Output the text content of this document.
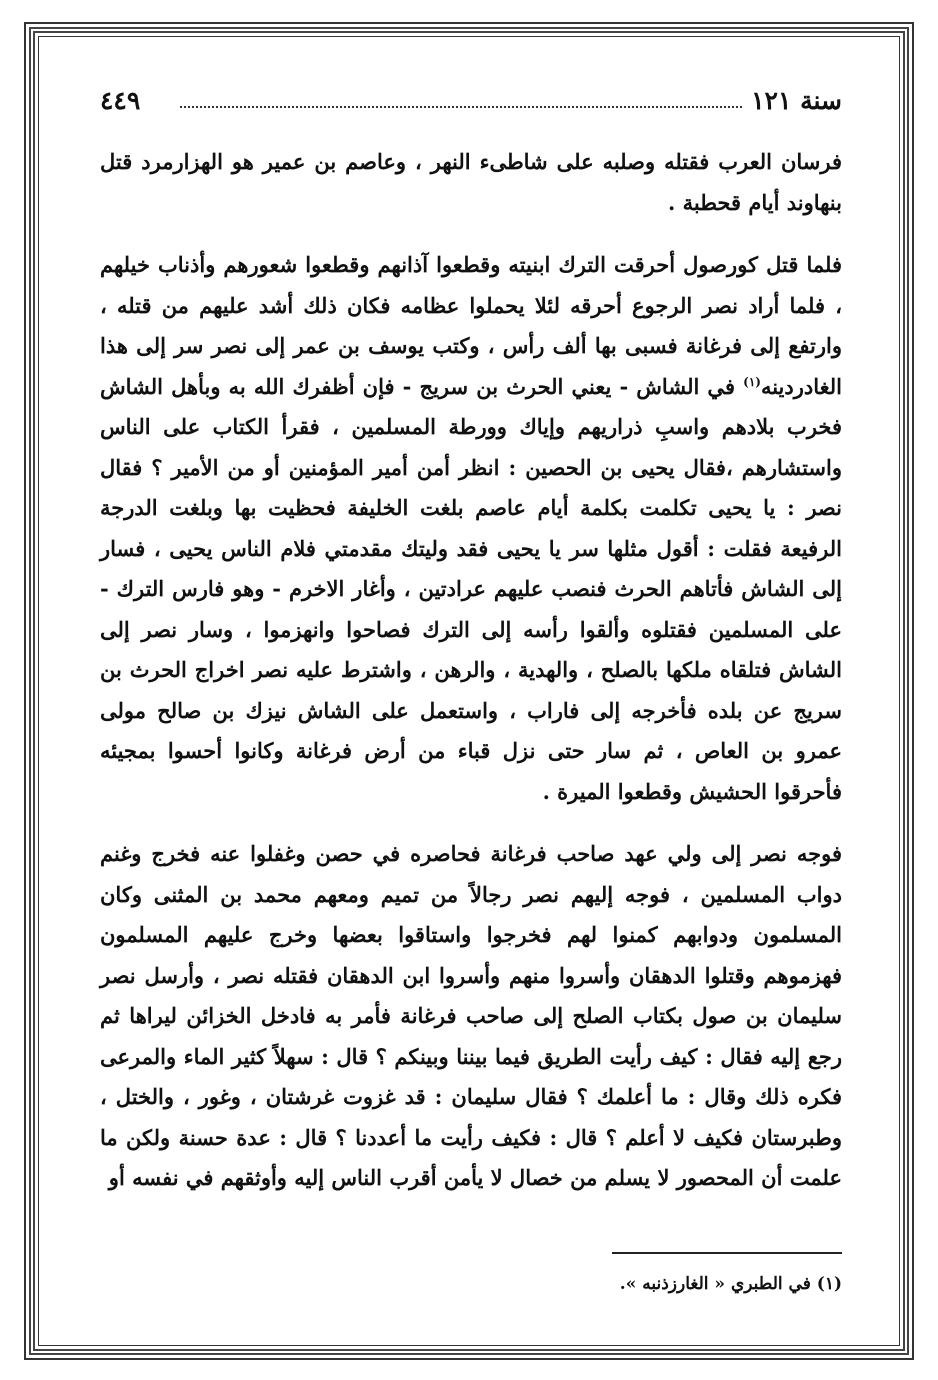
سنة ١٢١
٤٤٩

فرسان العرب فقتله وصلبه على شاطىء النهر ، وعاصم بن عمير هو الهزارمرد قتل بنهاوند أيام قحطبة .

فلما قتل كورصول أحرقت الترك ابنيته وقطعوا آذانهم وقطعوا شعورهم وأذناب خيلهم ، فلما أراد نصر الرجوع أحرقه لئلا يحملوا عظامه فكان ذلك أشد عليهم من قتله ، وارتفع إلى فرغانة فسبى بها ألف رأس ، وكتب يوسف بن عمر إلى نصر سر إلى هذا الغادردينه$^{(١)}$ في الشاش - يعني الحرث بن سريج - فإن أظفرك الله به وبأهل الشاش فخرب بلادهم واسبِ ذراريهم وإياك وورطة المسلمين ، فقرأ الكتاب على الناس واستشارهم ،فقال يحيى بن الحصين : انظر أمن أمير المؤمنين أو من الأمير ؟ فقال نصر : يا يحيى تكلمت بكلمة أيام عاصم بلغت الخليفة فحظيت بها وبلغت الدرجة الرفيعة فقلت : أقول مثلها سر يا يحيى فقد وليتك مقدمتي فلام الناس يحيى ، فسار إلى الشاش فأتاهم الحرث فنصب عليهم عرادتين ، وأغار الاخرم - وهو فارس الترك - على المسلمين فقتلوه وألقوا رأسه إلى الترك فصاحوا وانهزموا ، وسار نصر إلى الشاش فتلقاه ملكها بالصلح ، والهدية ، والرهن ، واشترط عليه نصر اخراج الحرث بن سريج عن بلده فأخرجه إلى فاراب ، واستعمل على الشاش نيزك بن صالح مولى عمرو بن العاص ، ثم سار حتى نزل قباء من أرض فرغانة وكانوا أحسوا بمجيئه فأحرقوا الحشيش وقطعوا الميرة .

فوجه نصر إلى ولي عهد صاحب فرغانة فحاصره في حصن وغفلوا عنه فخرج وغنم دواب المسلمين ، فوجه إليهم نصر رجالاً من تميم ومعهم محمد بن المثنى وكان المسلمون ودوابهم كمنوا لهم فخرجوا واستاقوا بعضها وخرج عليهم المسلمون فهزموهم وقتلوا الدهقان وأسروا منهم وأسروا ابن الدهقان فقتله نصر ، وأرسل نصر سليمان بن صول بكتاب الصلح إلى صاحب فرغانة فأمر به فادخل الخزائن ليراها ثم رجع إليه فقال : كيف رأيت الطريق فيما بيننا وبينكم ؟ قال : سهلاً كثير الماء والمرعى فكره ذلك وقال : ما أعلمك ؟ فقال سليمان : قد غزوت غرشتان ، وغور ، والختل ، وطبرستان فكيف لا أعلم ؟ قال : فكيف رأيت ما أعددنا ؟ قال : عدة حسنة ولكن ما علمت أن المحصور لا يسلم من خصال لا يأمن أقرب الناس إليه وأوثقهم في نفسه أو

(١) في الطبري « الغارزذنبه ».
